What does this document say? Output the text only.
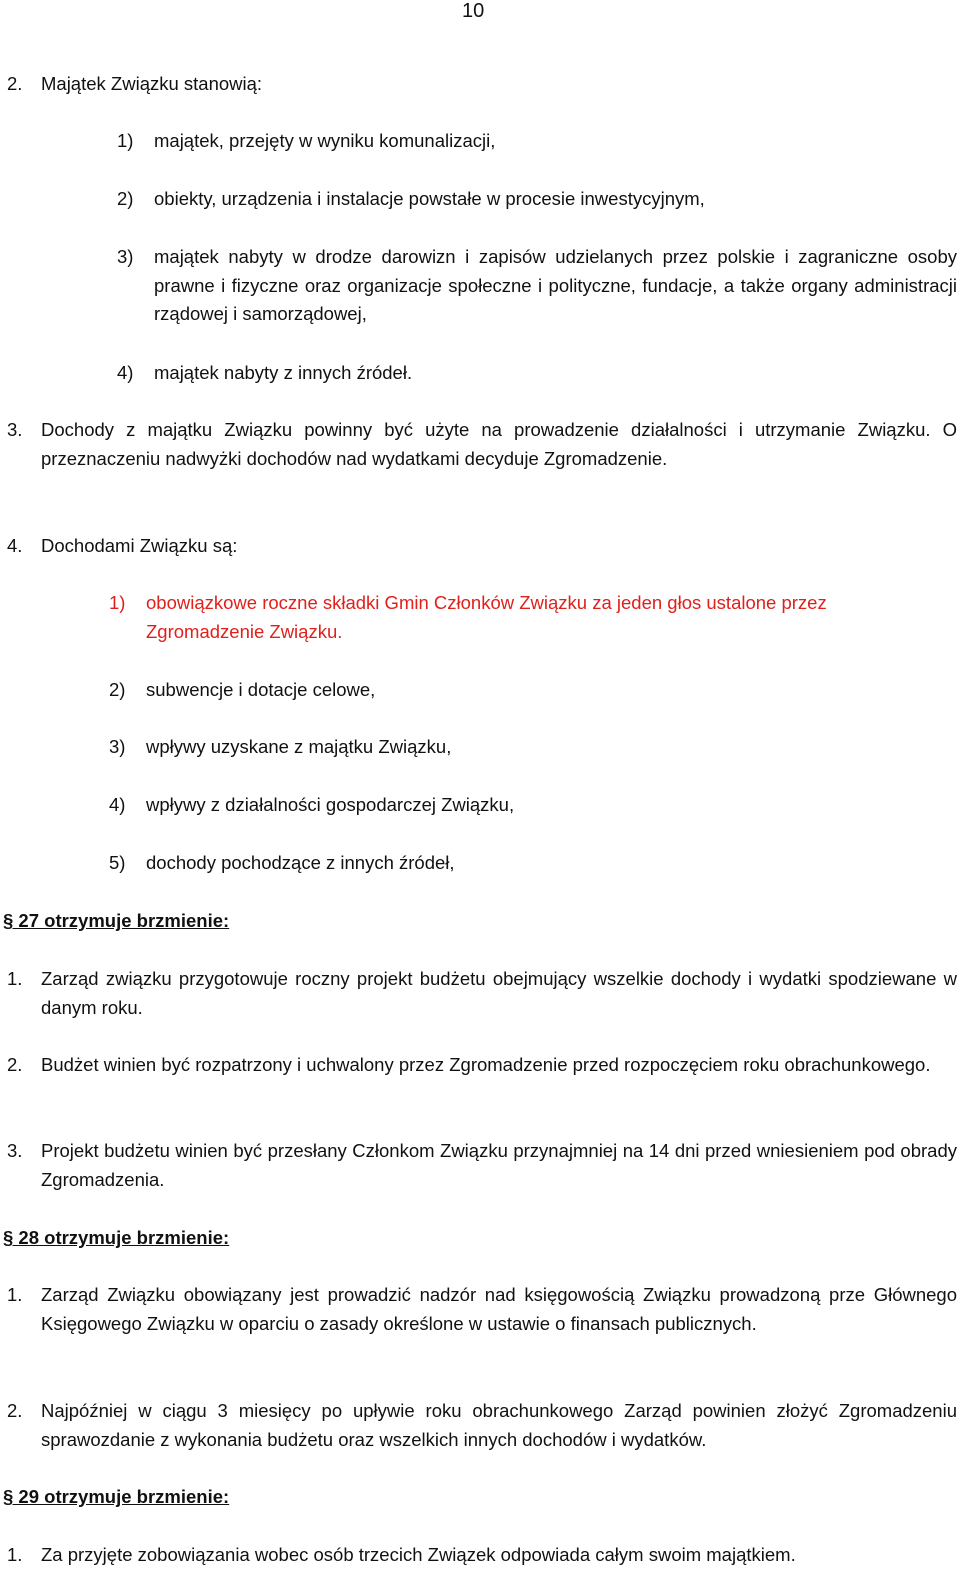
10
2. Majątek Związku stanowią:
1) majątek, przejęty w wyniku komunalizacji,
2) obiekty, urządzenia i instalacje powstałe w procesie inwestycyjnym,
3) majątek nabyty w drodze darowizn i zapisów udzielanych przez polskie i zagraniczne osoby prawne i fizyczne oraz organizacje społeczne i polityczne, fundacje, a także organy administracji rządowej i samorządowej,
4) majątek nabyty z innych źródeł.
3. Dochody z majątku Związku powinny być użyte na prowadzenie działalności i utrzymanie Związku. O przeznaczeniu nadwyżki dochodów nad wydatkami decyduje Zgromadzenie.
4. Dochodami Związku są:
1) obowiązkowe roczne składki Gmin Członków Związku za jeden głos ustalone przez Zgromadzenie Związku.
2) subwencje i dotacje celowe,
3) wpływy uzyskane z majątku Związku,
4) wpływy z działalności gospodarczej Związku,
5) dochody pochodzące z innych źródeł,
§ 27 otrzymuje brzmienie:
1. Zarząd związku przygotowuje roczny projekt budżetu obejmujący wszelkie dochody i wydatki spodziewane w danym roku.
2. Budżet winien być rozpatrzony i uchwalony przez Zgromadzenie przed rozpoczęciem roku obrachunkowego.
3. Projekt budżetu winien być przesłany Członkom Związku przynajmniej na 14 dni przed wniesieniem pod obrady Zgromadzenia.
§ 28 otrzymuje brzmienie:
1. Zarząd Związku obowiązany jest prowadzić nadzór nad księgowością Związku prowadzoną prze Głównego Księgowego Związku w oparciu o zasady określone w ustawie o finansach publicznych.
2. Najpóźniej w ciągu 3 miesięcy po upływie roku obrachunkowego Zarząd powinien złożyć Zgromadzeniu sprawozdanie z wykonania budżetu oraz wszelkich innych dochodów i wydatków.
§ 29 otrzymuje brzmienie:
1. Za przyjęte zobowiązania wobec osób trzecich Związek odpowiada całym swoim majątkiem.
